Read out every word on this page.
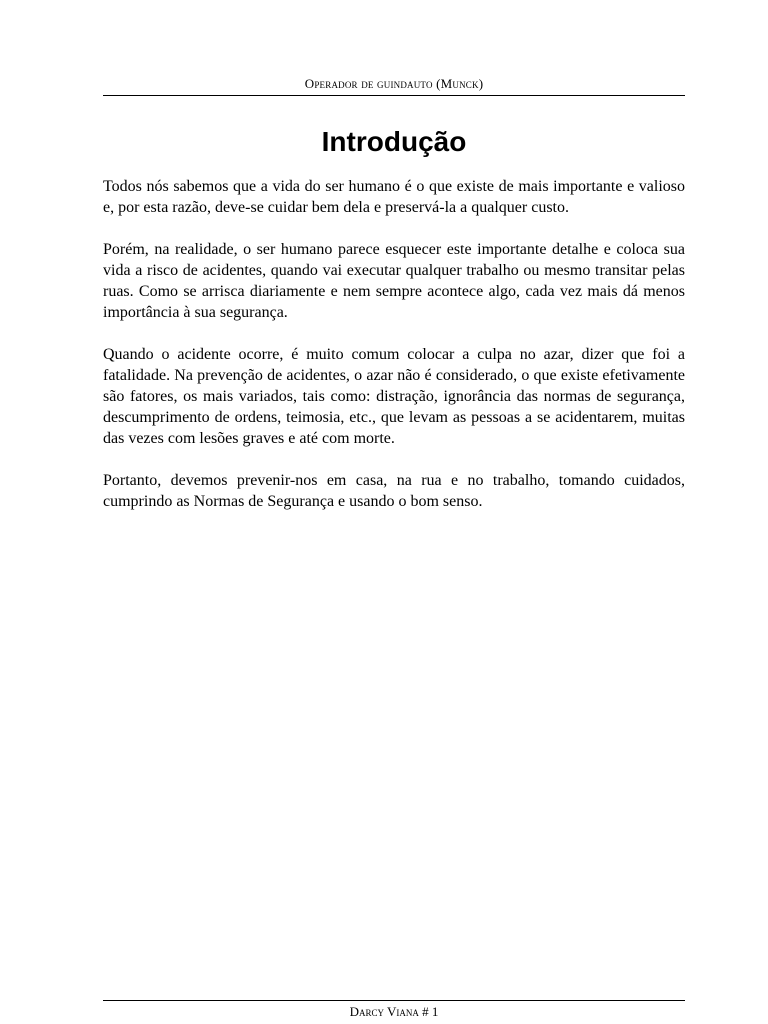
Operador de guindauto (Munck)
Introdução

Todos nós sabemos que a vida do ser humano é o que existe de mais importante e valioso e, por esta razão, deve-se cuidar bem dela e preservá-la a qualquer custo.

Porém, na realidade, o ser humano parece esquecer este importante detalhe e coloca sua vida a risco de acidentes, quando vai executar qualquer trabalho ou mesmo transitar pelas ruas. Como se arrisca diariamente e nem sempre acontece algo, cada vez mais dá menos importância à sua segurança.

Quando o acidente ocorre, é muito comum colocar a culpa no azar, dizer que foi a fatalidade. Na prevenção de acidentes, o azar não é considerado, o que existe efetivamente são fatores, os mais variados, tais como: distração, ignorância das normas de segurança, descumprimento de ordens, teimosia, etc., que levam as pessoas a se acidentarem, muitas das vezes com lesões graves e até com morte.

Portanto, devemos prevenir-nos em casa, na rua e no trabalho, tomando cuidados, cumprindo as Normas de Segurança e usando o bom senso.

Darcy Viana # 1
